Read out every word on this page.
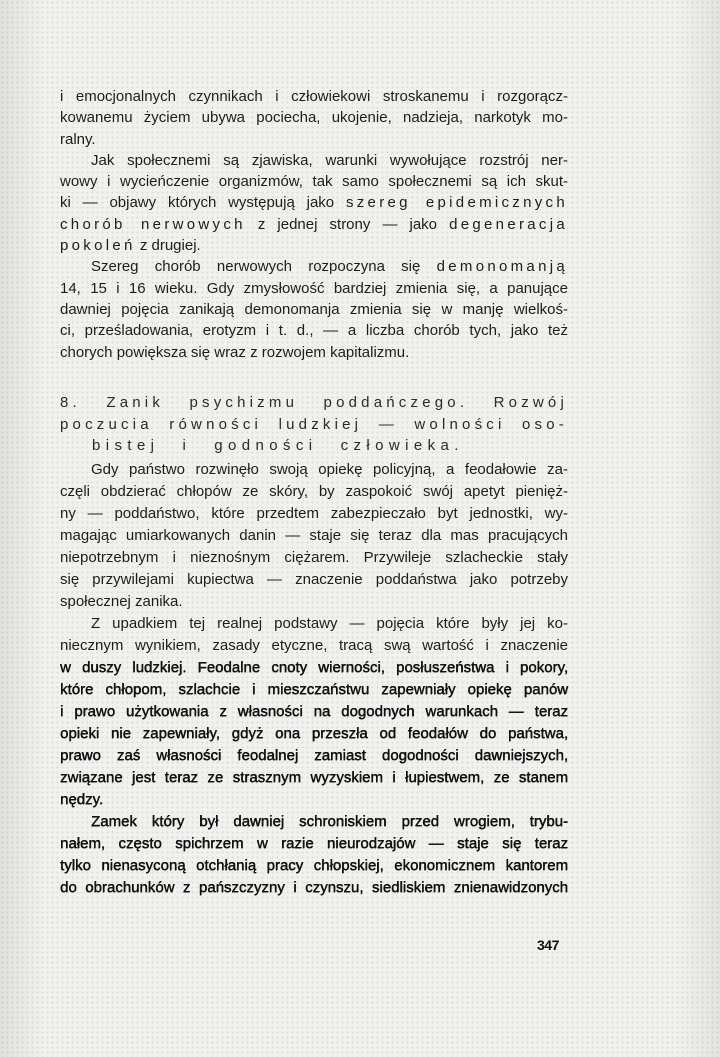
i emocjonalnych czynnikach i człowiekowi stroskanemu i rozgorącz-
kowanemu życiem ubywa pociecha, ukojenie, nadzieja, narkotyk mo-
ralny.
Jak społecznemi są zjawiska, warunki wywołujące rozstrój ner-
wowy i wycieńczenie organizmów, tak samo społecznemi są ich skut-
ki — objawy których występują jako szereg epidemicznych
chorób nerwowych z jednej strony — jako degeneracja
pokoleń z drugiej.
Szereg chorób nerwowych rozpoczyna się demonomanją
14, 15 i 16 wieku. Gdy zmysłowość bardziej zmienia się, a panujące
dawniej pojęcia zanikają demonomanja zmienia się w manję wielkoś-
ci, prześladowania, erotyzm i t. d., — a liczba chorób tych, jako też
chorych powiększa się wraz z rozwojem kapitalizmu.
8. Zanik psychizmu poddańczego. Rozwój
poczucia równości ludzkiej — wolności oso-
bistej i godności człowieka.
Gdy państwo rozwinęło swoją opiekę policyjną, a feodałowie za-
częli obdzierać chłopów ze skóry, by zaspokoić swój apetyt pienięż-
ny — poddaństwo, które przedtem zabezpieczało byt jednostki, wy-
magając umiarkowanych danin — staje się teraz dla mas pracujących
niepotrzebnym i nieznośnym ciężarem. Przywileje szlacheckie stały
się przywilejami kupiectwa — znaczenie poddaństwa jako potrzeby
społecznej zanika.
Z upadkiem tej realnej podstawy — pojęcia które były jej ko-
niecznym wynikiem, zasady etyczne, tracą swą wartość i znaczenie
w duszy ludzkiej. Feodalne cnoty wierności, posłuszeństwa i pokory,
które chłopom, szlachcie i mieszczaństwu zapewniały opiekę panów
i prawo użytkowania z własności na dogodnych warunkach — teraz
opieki nie zapewniały, gdyż ona przeszła od feodałów do państwa,
prawo zaś własności feodalnej zamiast dogodności dawniejszych,
związane jest teraz ze strasznym wyzyskiem i łupiestwem, ze stanem
nędzy.
Zamek który był dawniej schroniskiem przed wrogiem, trybu-
nałem, często spichrzem w razie nieurodzajów — staje się teraz
tylko nienasyconą otchłanią pracy chłopskiej, ekonomicznem kantorem
do obrachunków z pańszczyzny i czynszu, siedliskiem znienawidzonych
347
